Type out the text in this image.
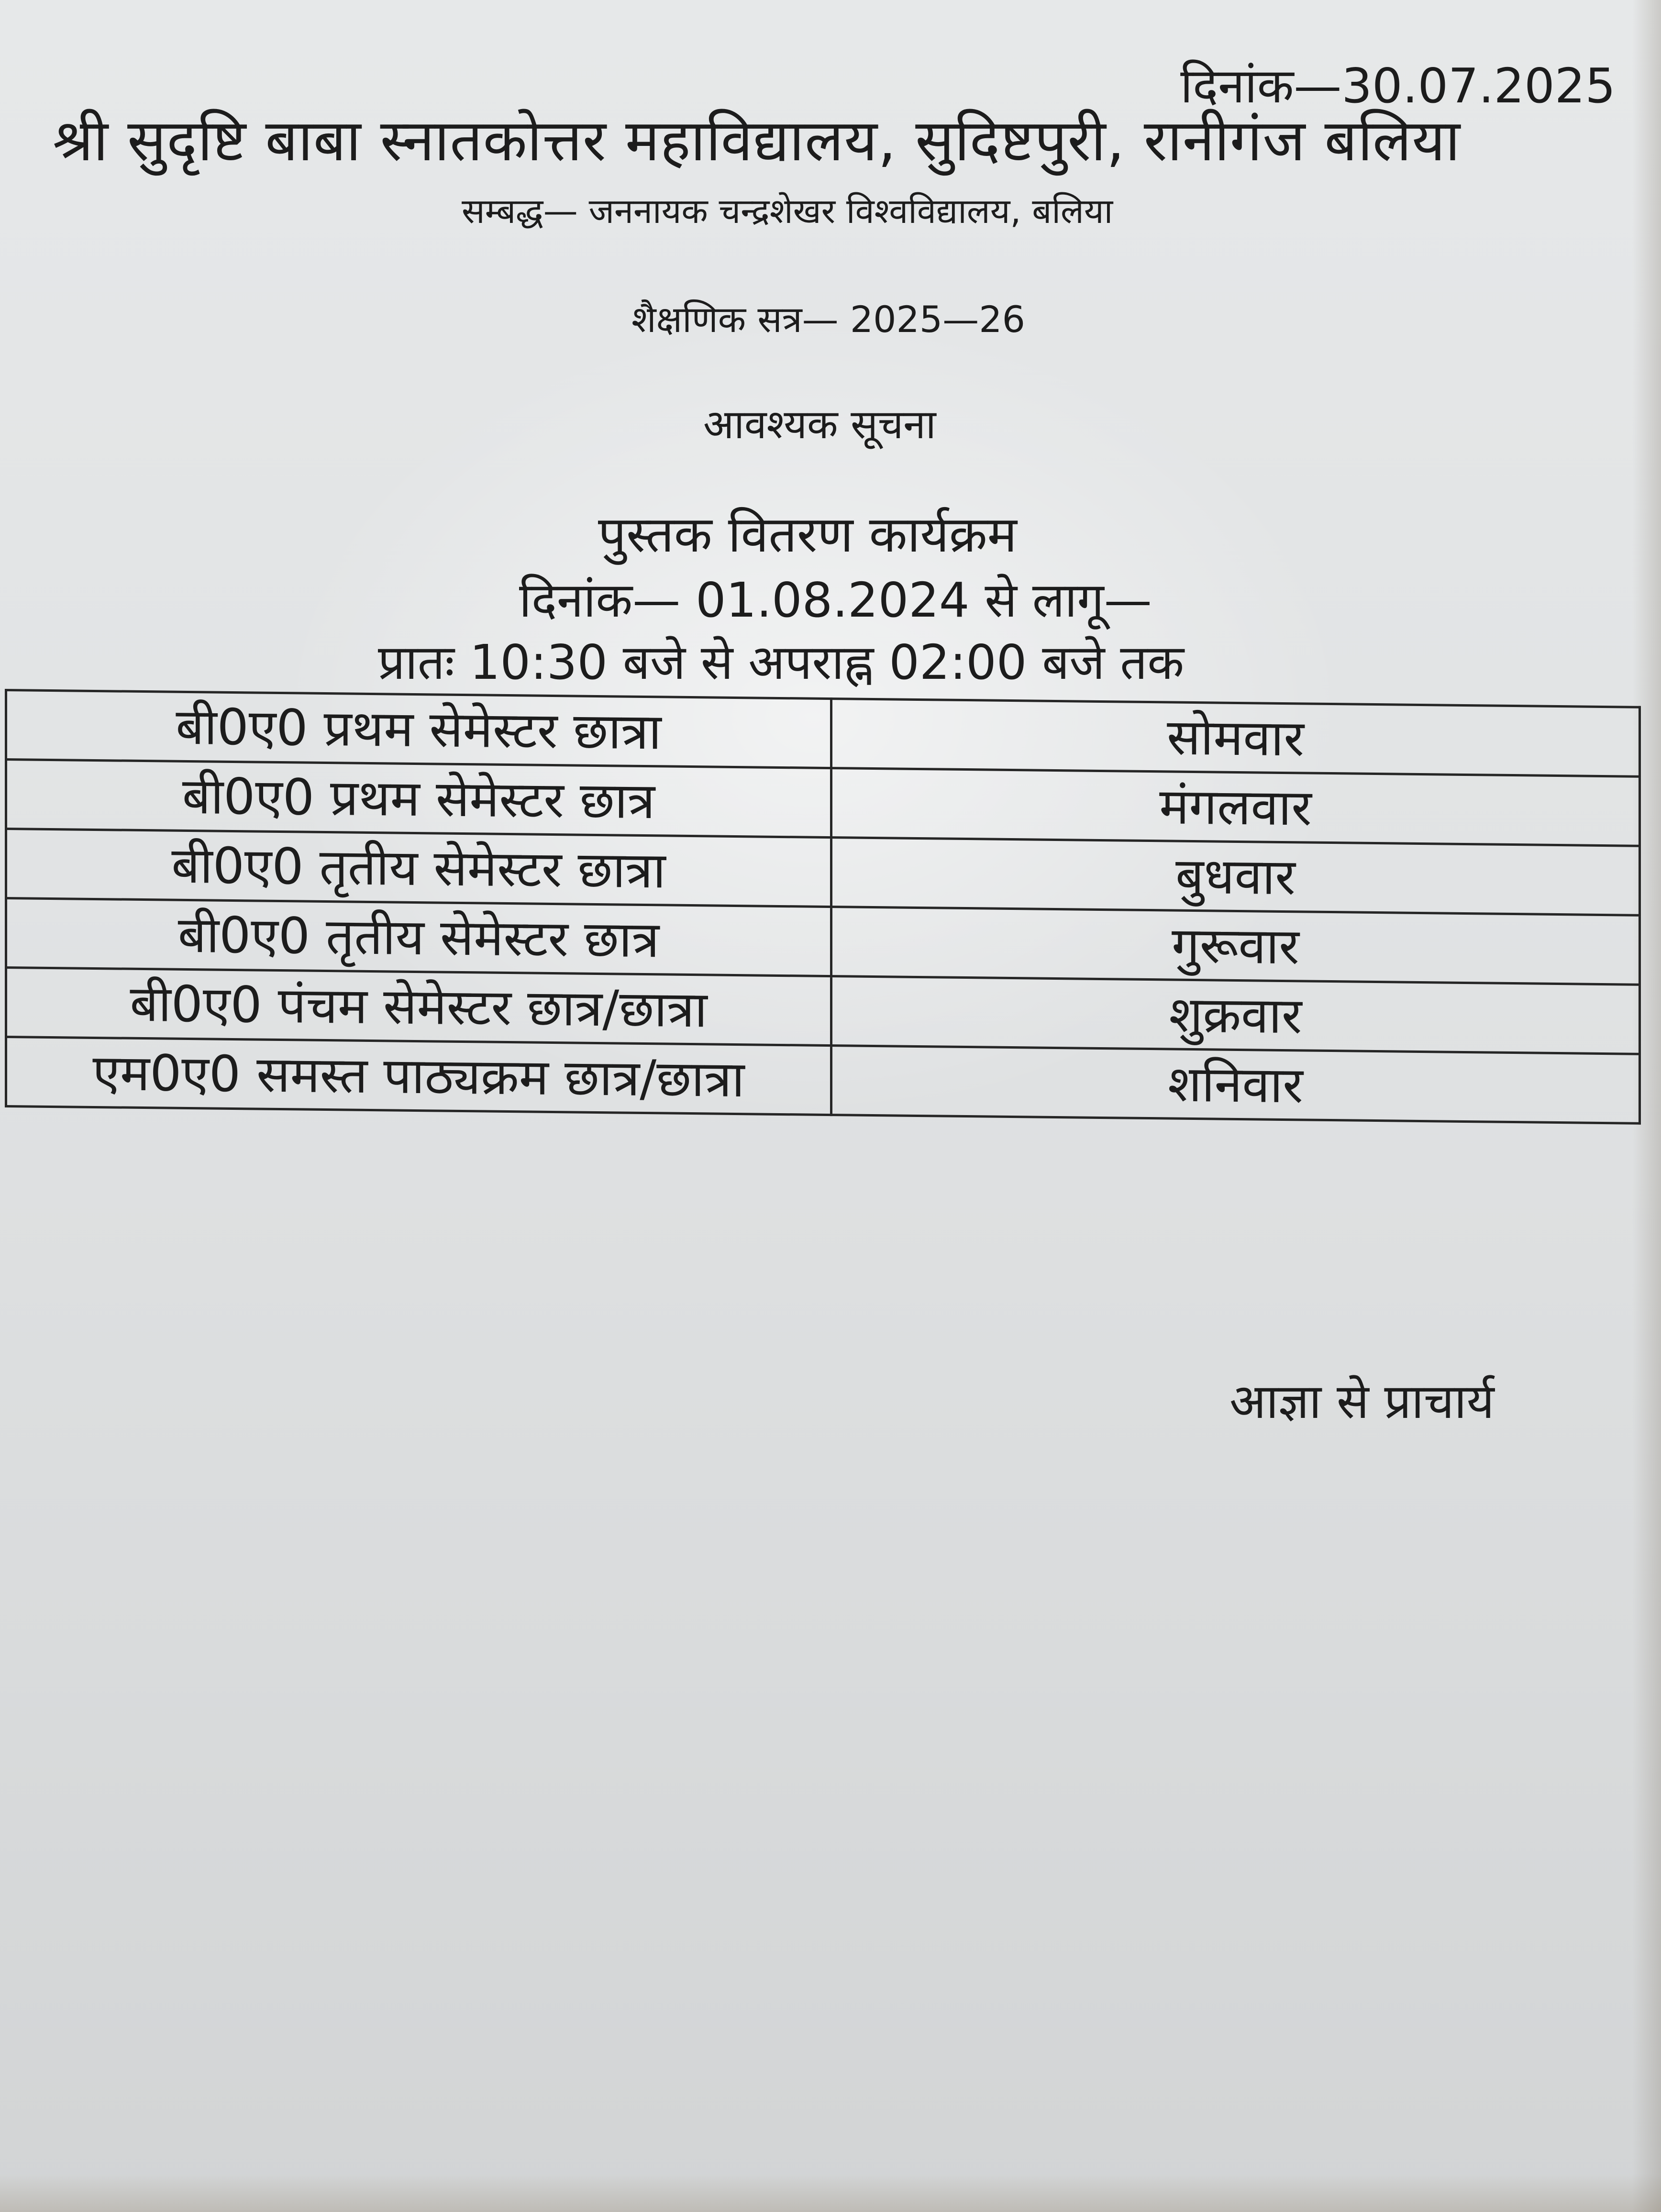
दिनांक—30.07.2025
श्री सुदृष्टि बाबा स्नातकोत्तर महाविद्यालय, सुदिष्टपुरी, रानीगंज बलिया
सम्बद्ध— जननायक चन्द्रशेखर विश्वविद्यालय, बलिया
शैक्षणिक सत्र— 2025—26
आवश्यक सूचना
पुस्तक वितरण कार्यक्रम
दिनांक— 01.08.2024 से लागू—
प्रातः 10:30 बजे से अपराह्न 02:00 बजे तक
बी0ए0 प्रथम सेमेस्टर छात्रा	सोमवार
बी0ए0 प्रथम सेमेस्टर छात्र	मंगलवार
बी0ए0 तृतीय सेमेस्टर छात्रा	बुधवार
बी0ए0 तृतीय सेमेस्टर छात्र	गुरूवार
बी0ए0 पंचम सेमेस्टर छात्र/छात्रा	शुक्रवार
एम0ए0 समस्त पाठ्यक्रम छात्र/छात्रा	शनिवार
आज्ञा से प्राचार्य
